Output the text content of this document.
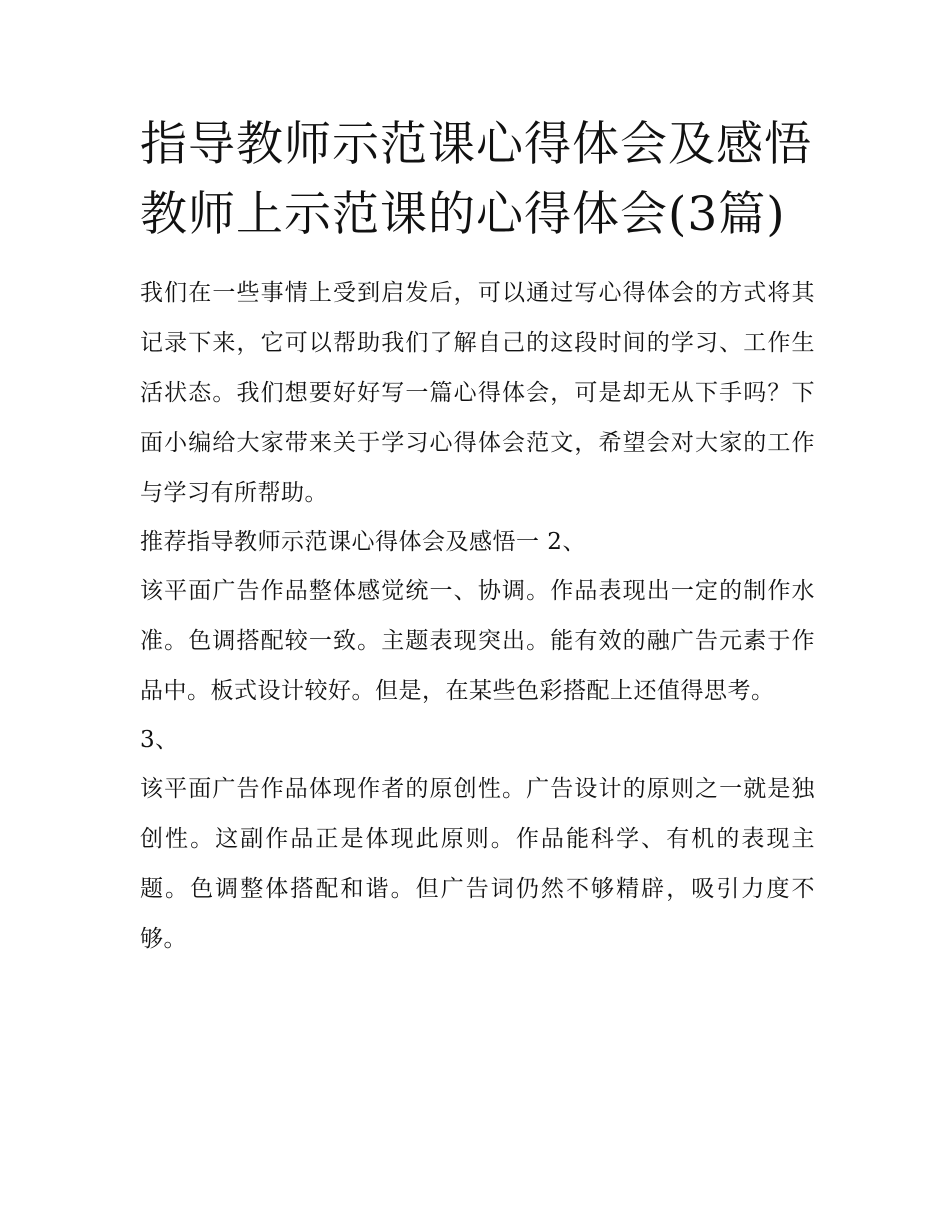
指导教师示范课心得体会及感悟 教师上示范课的心得体会(3篇)

我们在一些事情上受到启发后，可以通过写心得体会的方式将其记录下来，它可以帮助我们了解自己的这段时间的学习、工作生活状态。我们想要好好写一篇心得体会，可是却无从下手吗？下面小编给大家带来关于学习心得体会范文，希望会对大家的工作与学习有所帮助。

推荐指导教师示范课心得体会及感悟一 2、

该平面广告作品整体感觉统一、协调。作品表现出一定的制作水准。色调搭配较一致。主题表现突出。能有效的融广告元素于作品中。板式设计较好。但是，在某些色彩搭配上还值得思考。

3、

该平面广告作品体现作者的原创性。广告设计的原则之一就是独创性。这副作品正是体现此原则。作品能科学、有机的表现主题。色调整体搭配和谐。但广告词仍然不够精辟，吸引力度不够。
